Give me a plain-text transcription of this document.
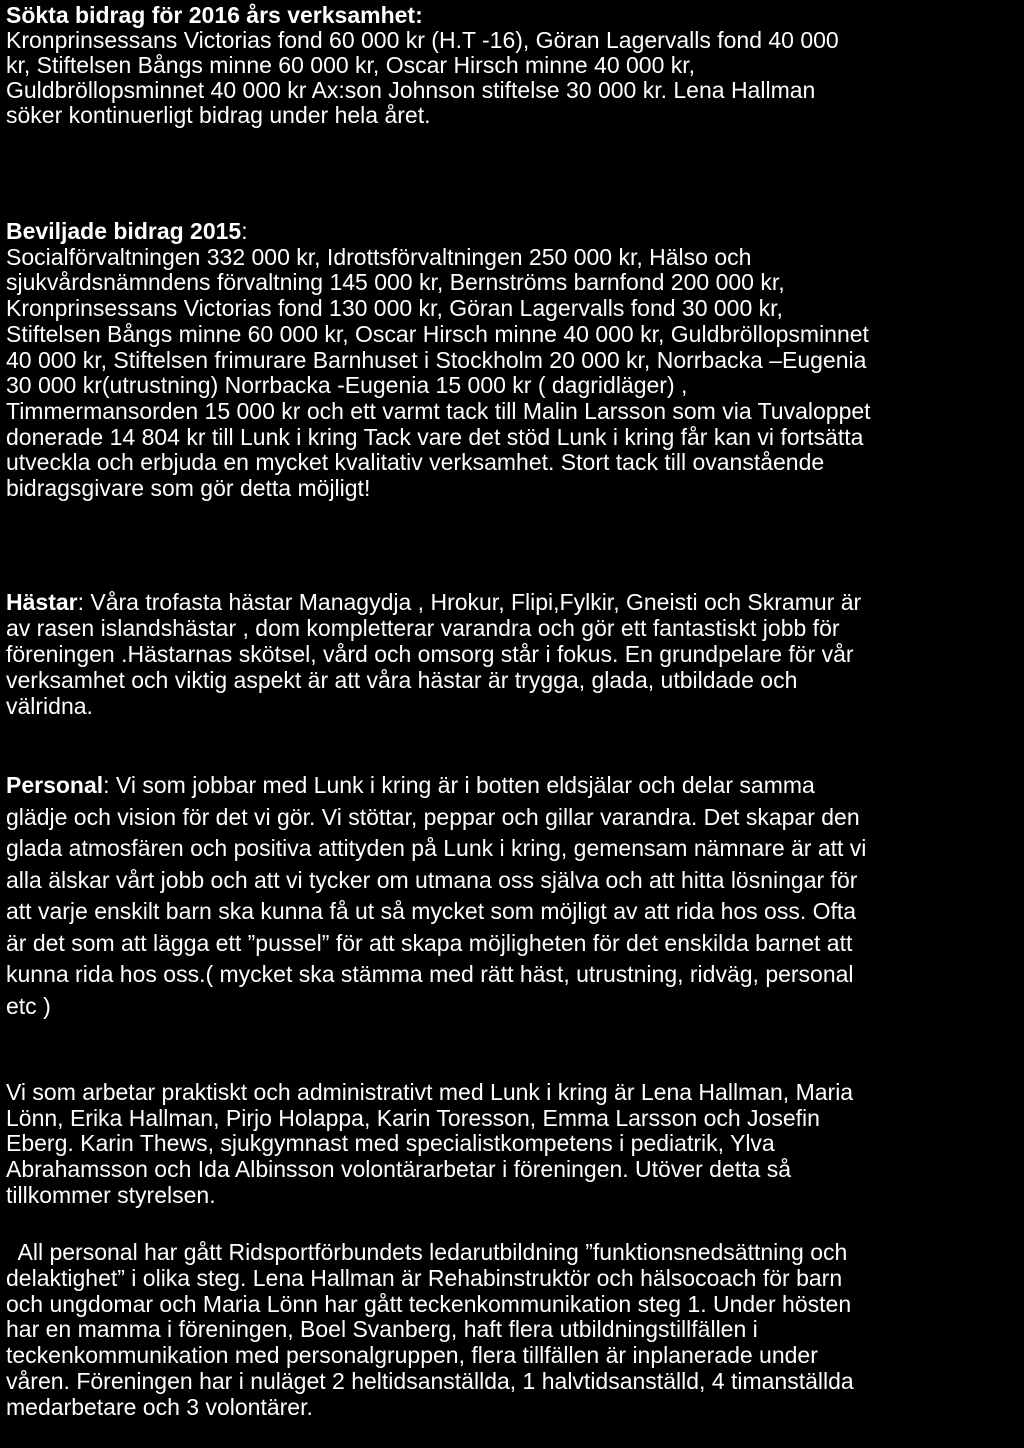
Sökta bidrag för 2016 års verksamhet:
Kronprinsessans Victorias fond 60 000 kr (H.T -16), Göran Lagervalls fond 40 000
kr, Stiftelsen Bångs minne 60 000 kr, Oscar Hirsch minne 40 000 kr,
Guldbröllopsminnet 40 000 kr Ax:son Johnson stiftelse 30 000 kr. Lena Hallman
söker kontinuerligt bidrag under hela året.
Beviljade bidrag 2015:
Socialförvaltningen 332 000 kr, Idrottsförvaltningen 250 000 kr, Hälso och
sjukvårdsnämndens förvaltning 145 000 kr, Bernströms barnfond 200 000 kr,
Kronprinsessans Victorias fond 130 000 kr, Göran Lagervalls fond 30 000 kr,
Stiftelsen Bångs minne 60 000 kr, Oscar Hirsch minne 40 000 kr, Guldbröllopsminnet
40 000 kr, Stiftelsen frimurare Barnhuset i Stockholm 20 000 kr, Norrbacka –Eugenia
30 000 kr(utrustning) Norrbacka -Eugenia 15 000 kr ( dagridläger) ,
Timmermansorden 15 000 kr och ett varmt tack till Malin Larsson som via Tuvaloppet
donerade 14 804 kr till Lunk i kring Tack vare det stöd Lunk i kring får kan vi fortsätta
utveckla och erbjuda en mycket kvalitativ verksamhet. Stort tack till ovanstående
bidragsgivare som gör detta möjligt!
Hästar: Våra trofasta hästar Managydja , Hrokur, Flipi,Fylkir, Gneisti och Skramur är
av rasen islandshästar , dom kompletterar varandra och gör ett fantastiskt jobb för
föreningen .Hästarnas skötsel, vård och omsorg står i fokus. En grundpelare för vår
verksamhet och viktig aspekt är att våra hästar är trygga, glada, utbildade och
välridna.
Personal: Vi som jobbar med Lunk i kring är i botten eldsjälar och delar samma
glädje och vision för det vi gör. Vi stöttar, peppar och gillar varandra. Det skapar den
glada atmosfären och positiva attityden på Lunk i kring, gemensam nämnare är att vi
alla älskar vårt jobb och att vi tycker om utmana oss själva och att hitta lösningar för
att varje enskilt barn ska kunna få ut så mycket som möjligt av att rida hos oss. Ofta
är det som att lägga ett ”pussel” för att skapa möjligheten för det enskilda barnet att
kunna rida hos oss.( mycket ska stämma med rätt häst, utrustning, ridväg, personal
etc )
Vi som arbetar praktiskt och administrativt med Lunk i kring är Lena Hallman, Maria
Lönn, Erika Hallman, Pirjo Holappa, Karin Toresson, Emma Larsson och Josefin
Eberg. Karin Thews, sjukgymnast med specialistkompetens i pediatrik, Ylva
Abrahamsson och Ida Albinsson volontärarbetar i föreningen. Utöver detta så
tillkommer styrelsen.
All personal har gått Ridsportförbundets ledarutbildning ”funktionsnedsättning och
delaktighet” i olika steg. Lena Hallman är Rehabinstruktör och hälsocoach för barn
och ungdomar och Maria Lönn har gått teckenkommunikation steg 1. Under hösten
har en mamma i föreningen, Boel Svanberg, haft flera utbildningstillfällen i
teckenkommunikation med personalgruppen, flera tillfällen är inplanerade under
våren. Föreningen har i nuläget 2 heltidsanställda, 1 halvtidsanställd, 4 timanställda
medarbetare och 3 volontärer.
